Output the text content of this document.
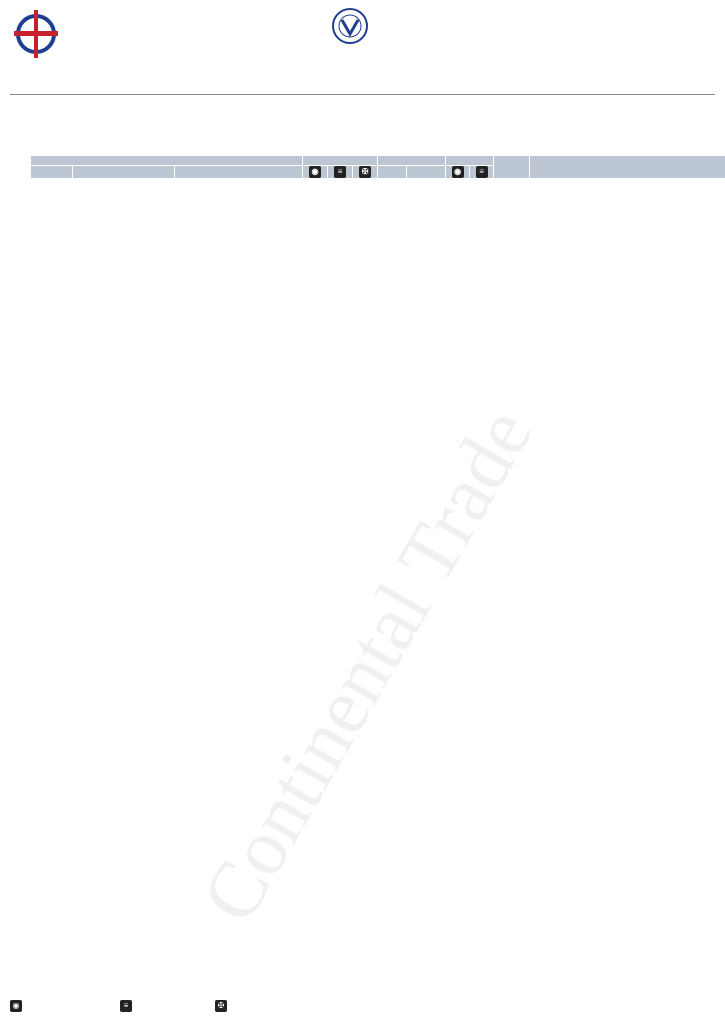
Continental Trade

			◉	≡	✠			◉	≡		
◉	≡	✠
